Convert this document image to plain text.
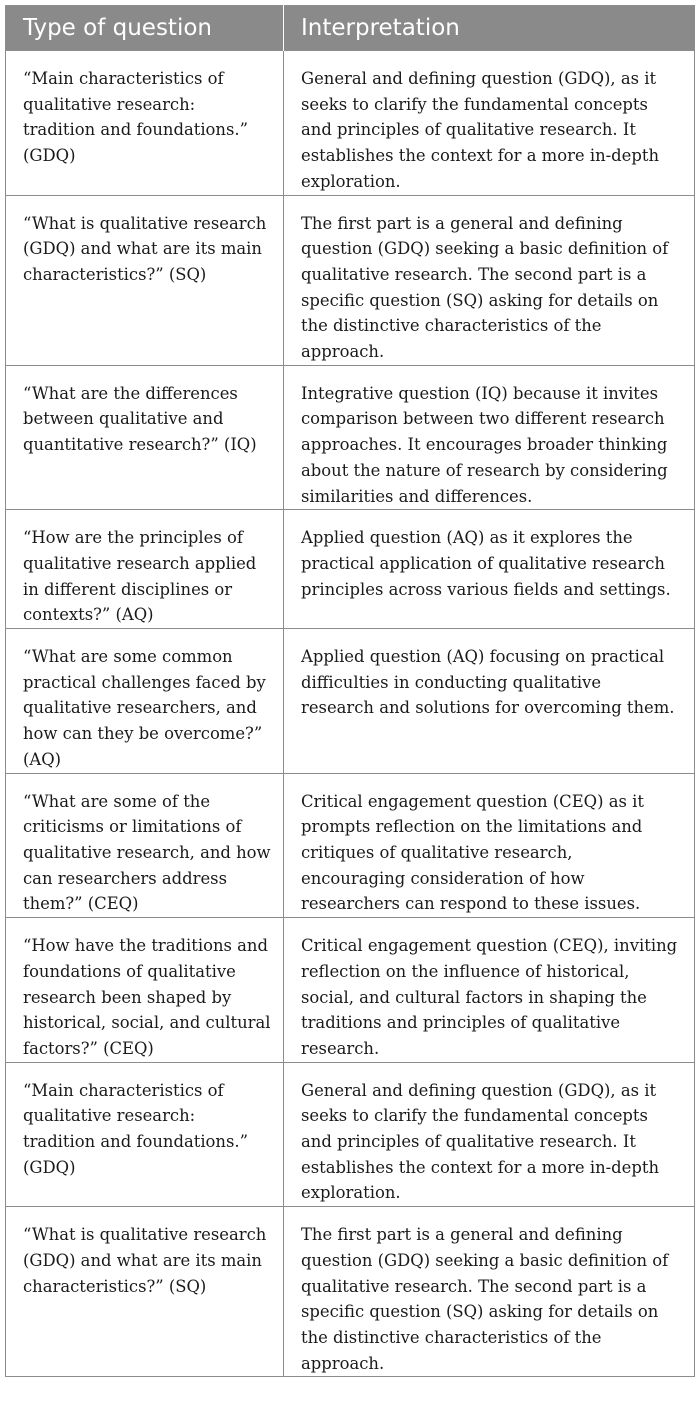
Type of question	Interpretation
“Main characteristics of qualitative research: tradition and foundations.” (GDQ)	General and defining question (GDQ), as it seeks to clarify the fundamental concepts and principles of qualitative research. It establishes the context for a more in-depth exploration.
“What is qualitative research (GDQ) and what are its main characteristics?” (SQ)	The first part is a general and defining question (GDQ) seeking a basic definition of qualitative research. The second part is a specific question (SQ) asking for details on the distinctive characteristics of the approach.
“What are the differences between qualitative and quantitative research?” (IQ)	Integrative question (IQ) because it invites comparison between two different research approaches. It encourages broader thinking about the nature of research by considering similarities and differences.
“How are the principles of qualitative research applied in different disciplines or contexts?” (AQ)	Applied question (AQ) as it explores the practical application of qualitative research principles across various fields and settings.
“What are some common practical challenges faced by qualitative researchers, and how can they be overcome?” (AQ)	Applied question (AQ) focusing on practical difficulties in conducting qualitative research and solutions for overcoming them.
“What are some of the criticisms or limitations of qualitative research, and how can researchers address them?” (CEQ)	Critical engagement question (CEQ) as it prompts reflection on the limitations and critiques of qualitative research, encouraging consideration of how researchers can respond to these issues.
“How have the traditions and foundations of qualitative research been shaped by historical, social, and cultural factors?” (CEQ)	Critical engagement question (CEQ), inviting reflection on the influence of historical, social, and cultural factors in shaping the traditions and principles of qualitative research.
“Main characteristics of qualitative research: tradition and foundations.” (GDQ)	General and defining question (GDQ), as it seeks to clarify the fundamental concepts and principles of qualitative research. It establishes the context for a more in-depth exploration.
“What is qualitative research (GDQ) and what are its main characteristics?” (SQ)	The first part is a general and defining question (GDQ) seeking a basic definition of qualitative research. The second part is a specific question (SQ) asking for details on the distinctive characteristics of the approach.
